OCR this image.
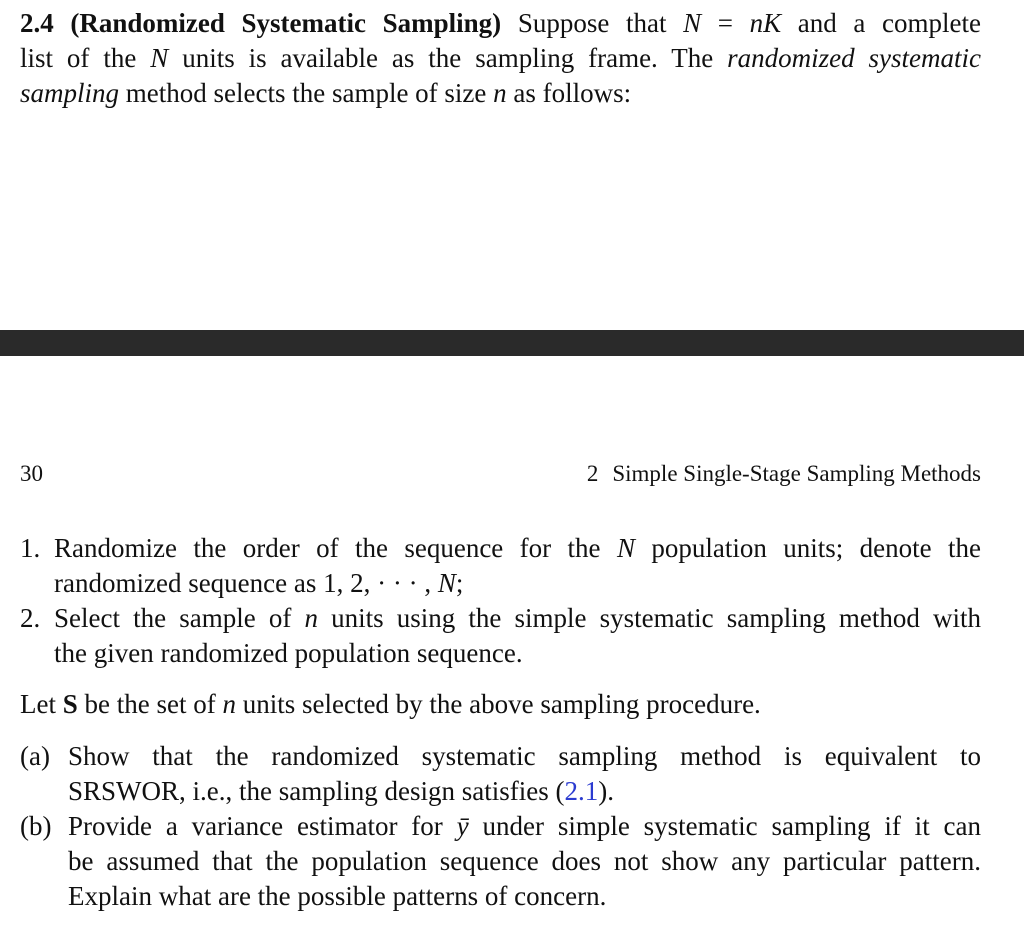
2.4 (Randomized Systematic Sampling) Suppose that N = nK and a complete
list of the N units is available as the sampling frame. The randomized systematic
sampling method selects the sample of size n as follows:
30	2 Simple Single-Stage Sampling Methods
1. Randomize the order of the sequence for the N population units; denote the
randomized sequence as 1, 2, · · · , N;
2. Select the sample of n units using the simple systematic sampling method with
the given randomized population sequence.
Let S be the set of n units selected by the above sampling procedure.
(a) Show that the randomized systematic sampling method is equivalent to
SRSWOR, i.e., the sampling design satisfies (2.1).
(b) Provide a variance estimator for ȳ under simple systematic sampling if it can
be assumed that the population sequence does not show any particular pattern.
Explain what are the possible patterns of concern.
